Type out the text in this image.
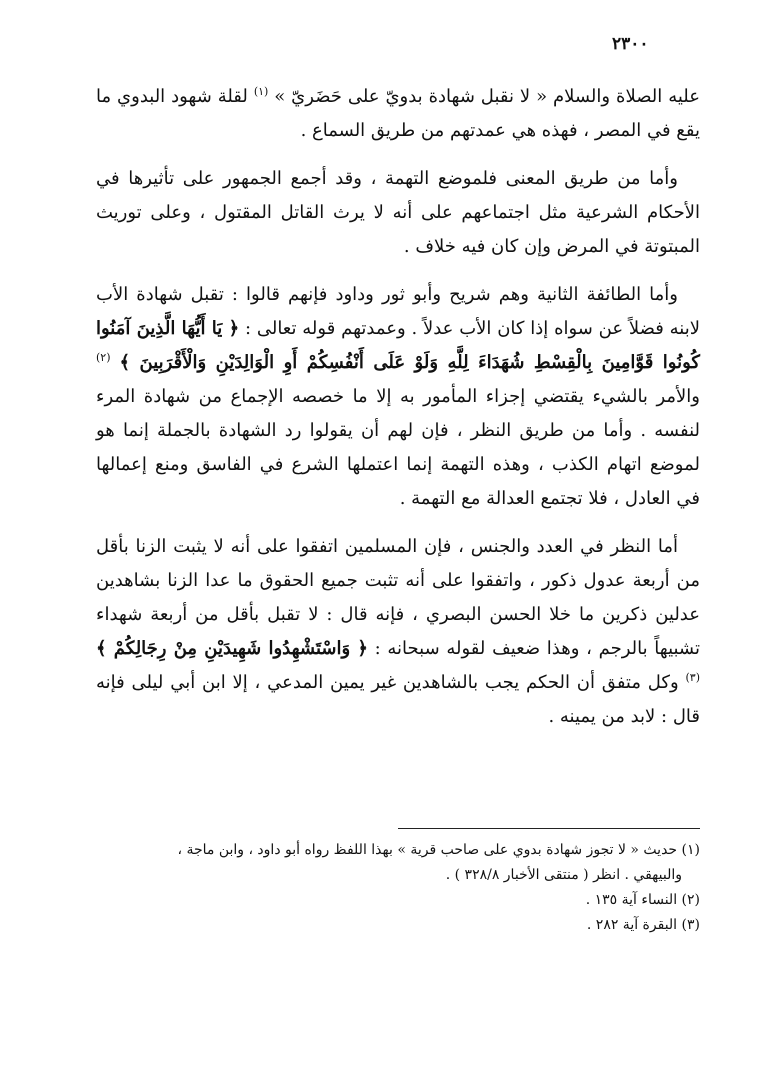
٢٣٠٠

عليه الصلاة والسلام « لا نقبل شهادة بدويّ على حَضَريّ » $^{(١)}$ لقلة شهود البدوي ما يقع في المصر ، فهذه هي عمدتهم من طريق السماع .

وأما من طريق المعنى فلموضع التهمة ، وقد أجمع الجمهور على تأثيرها في الأحكام الشرعية مثل اجتماعهم على أنه لا يرث القاتل المقتول ، وعلى توريث المبتوتة في المرض وإن كان فيه خلاف .

وأما الطائفة الثانية وهم شريح وأبو ثور وداود فإنهم قالوا : تقبل شهادة الأب لابنه فضلاً عن سواه إذا كان الأب عدلاً . وعمدتهم قوله تعالى : ﴿ يَا أَيُّهَا الَّذِينَ آمَنُوا كُونُوا قَوَّامِينَ بِالْقِسْطِ شُهَدَاءَ لِلَّهِ وَلَوْ عَلَى أَنْفُسِكُمْ أَوِ الْوَالِدَيْنِ وَالْأَقْرَبِينَ ﴾ $^{(٢)}$ والأمر بالشيء يقتضي إجزاء المأمور به إلا ما خصصه الإجماع من شهادة المرء لنفسه . وأما من طريق النظر ، فإن لهم أن يقولوا رد الشهادة بالجملة إنما هو لموضع اتهام الكذب ، وهذه التهمة إنما اعتملها الشرع في الفاسق ومنع إعمالها في العادل ، فلا تجتمع العدالة مع التهمة .

أما النظر في العدد والجنس ، فإن المسلمين اتفقوا على أنه لا يثبت الزنا بأقل من أربعة عدول ذكور ، واتفقوا على أنه تثبت جميع الحقوق ما عدا الزنا بشاهدين عدلين ذكرين ما خلا الحسن البصري ، فإنه قال : لا تقبل بأقل من أربعة شهداء تشبيهاً بالرجم ، وهذا ضعيف لقوله سبحانه : ﴿ وَاسْتَشْهِدُوا شَهِيدَيْنِ مِنْ رِجَالِكُمْ ﴾ $^{(٣)}$ وكل متفق أن الحكم يجب بالشاهدين غير يمين المدعي ، إلا ابن أبي ليلى فإنه قال : لابد من يمينه .

(١) حديث « لا تجوز شهادة بدوي على صاحب قرية » بهذا اللفظ رواه أبو داود ، وابن ماجة ،

والبيهقي . انظر ( منتقى الأخبار ٣٢٨/٨ ) .

(٢) النساء آية ١٣٥ .

(٣) البقرة آية ٢٨٢ .
